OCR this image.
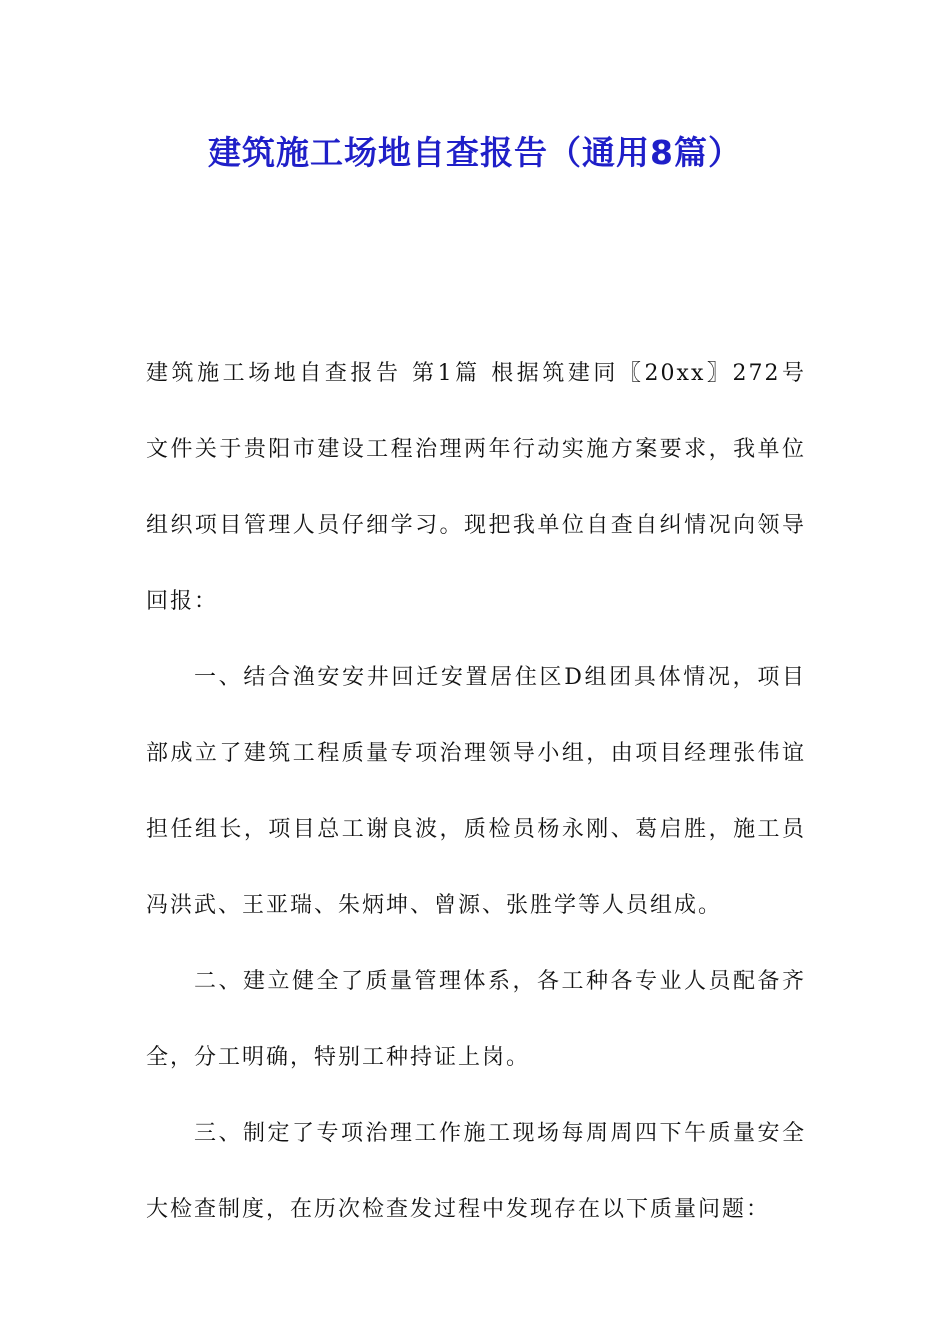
建筑施工场地自查报告（通用8篇）
建筑施工场地自查报告 第1篇 根据筑建同〖20xx〗272号
文件关于贵阳市建设工程治理两年行动实施方案要求，我单位
组织项目管理人员仔细学习。现把我单位自查自纠情况向领导
回报：
一、结合渔安安井回迁安置居住区D组团具体情况，项目
部成立了建筑工程质量专项治理领导小组，由项目经理张伟谊
担任组长，项目总工谢良波，质检员杨永刚、葛启胜，施工员
冯洪武、王亚瑞、朱炳坤、曾源、张胜学等人员组成。
二、建立健全了质量管理体系，各工种各专业人员配备齐
全，分工明确，特别工种持证上岗。
三、制定了专项治理工作施工现场每周周四下午质量安全
大检查制度，在历次检查发过程中发现存在以下质量问题：
